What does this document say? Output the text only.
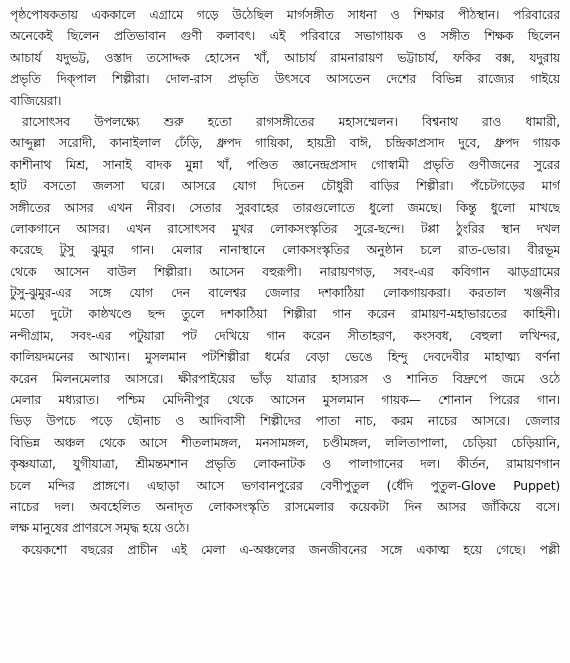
পৃষ্ঠপোষকতায় এককালে এগ্রামে গড়ে উঠেছিল মার্গসঙ্গীত সাধনা ও শিক্ষার পীঠস্থান। পরিবারের
অনেকেই ছিলেন প্রতিভাবান গুণী কলাবৎ। এই পরিবারে সভাগায়ক ও সঙ্গীত শিক্ষক ছিলেন
আচার্য যদুভট্ট, ওস্তাদ তসোদ্দক হোসেন খাঁ, আচার্য রামনারায়ণ ভট্টাচার্য, ফকির বক্স, যদুরায়
প্রভৃতি দিক্‌পাল শিল্পীরা। দোল-রাস প্রভৃতি উৎসবে আসতেন দেশের বিভিন্ন রাজ্যের গাইয়ে
বাজিয়েরা।
রাসোৎসব উপলক্ষ্যে শুরু হতো রাগসঙ্গীতের মহাসম্মেলন। বিশ্বনাথ রাও ধামারী,
আব্দুল্লা সরোদী, কানাইলাল ঢেঁড়ি, ধ্রুপদ গায়িকা, হায়দ্রী বাঈ, চন্দ্রিকাপ্রসাদ দুবে, ধ্রুপদ গায়ক
কাশীনাথ মিশ্র, সানাই বাদক মুন্না খাঁ, পণ্ডিত জ্ঞানেন্দ্রপ্রসাদ গোস্বামী প্রভৃতি গুণীজনের সুরের
হাট বসতো জলসা ঘরে। আসরে যোগ দিতেন চৌধুরী বাড়ির শিল্পীরা। পঁচেটগড়ের মার্গ
সঙ্গীতের আসর এখন নীরব। সেতার সুরবাহের তারগুলোতে ধুলো জমছে। কিন্তু ধুলো মাখছে
লোকগানে আসর। এখন রাসোৎসব মুখর লোকসংস্কৃতির সুরে-ছন্দে। টপ্পা ঠুংরির স্থান দখল
করেছে টুসু ঝুমুর গান। মেলার নানাস্থানে লোকসংস্কৃতির অনুষ্ঠান চলে রাত-ভোর। বীরভূম
থেকে আসেন বাউল শিল্পীরা। আসেন বহুরূপী। নারায়ণগড়, সবং-এর কবিগান ঝাড়গ্রামের
টুসু-ঝুমুর-এর সঙ্গে যোগ দেন বালেশ্বর জেলার দশকাঠিয়া লোকগায়করা। করতাল খঞ্জনীর
মতো দুটো কাষ্ঠখণ্ডে ছন্দ তুলে দশকাঠিয়া শিল্পীরা গান করেন রামায়ণ-মহাভারতের কাহিনী।
নন্দীগ্রাম, সবং-এর পটুয়ারা পট দেখিয়ে গান করেন সীতাহরণ, কংসবধ, বেহুলা লখিন্দর,
কালিয়দমনের আখ্যান। মুসলমান পটশিল্পীরা ধর্মের বেড়া ভেঙে হিন্দু দেবদেবীর মাহাত্ম্য বর্ণনা
করেন মিলনমেলার আসরে। ক্ষীরপাইয়ের ভাঁড় যাত্রার হাস্যরস ও শানিত বিদ্রুপে জমে ওঠে
মেলার মধ্যরাত। পশ্চিম মেদিনীপুর থেকে আসেন মুসলমান গায়ক— শোনান পিরের গান।
ভিড় উপচে পড়ে ছৌনাচ ও আদিবাসী শিল্পীদের পাতা নাচ, করম নাচের আসরে। জেলার
বিভিন্ন অঞ্চল থেকে আসে শীতলামঙ্গল, মনসামঙ্গল, চণ্ডীমঙ্গল, ললিতাপালা, চেড়িয়া চেড়িয়ানি,
কৃষ্ণযাত্রা, যুগীযাত্রা, শ্রীমন্তমশান প্রভৃতি লোকনাটক ও পালাগানের দল। কীর্তন, রামায়ণগান
চলে মন্দির প্রাঙ্গণে। এছাড়া আসে ভগবানপুরের বেণীপুতুল (ধেঁদি পুতুল-Glove Puppet)
নাচের দল। অবহেলিত অনাদৃত লোকসংস্কৃতি রাসমেলার কয়েকটা দিন আসর জাঁকিয়ে বসে।
লক্ষ মানুষের প্রাণরসে সমৃদ্ধ হয়ে ওঠে।
কয়েকশো বছরের প্রাচীন এই মেলা এ-অঞ্চলের জনজীবনের সঙ্গে একাত্ম হয়ে গেছে। পল্লী
